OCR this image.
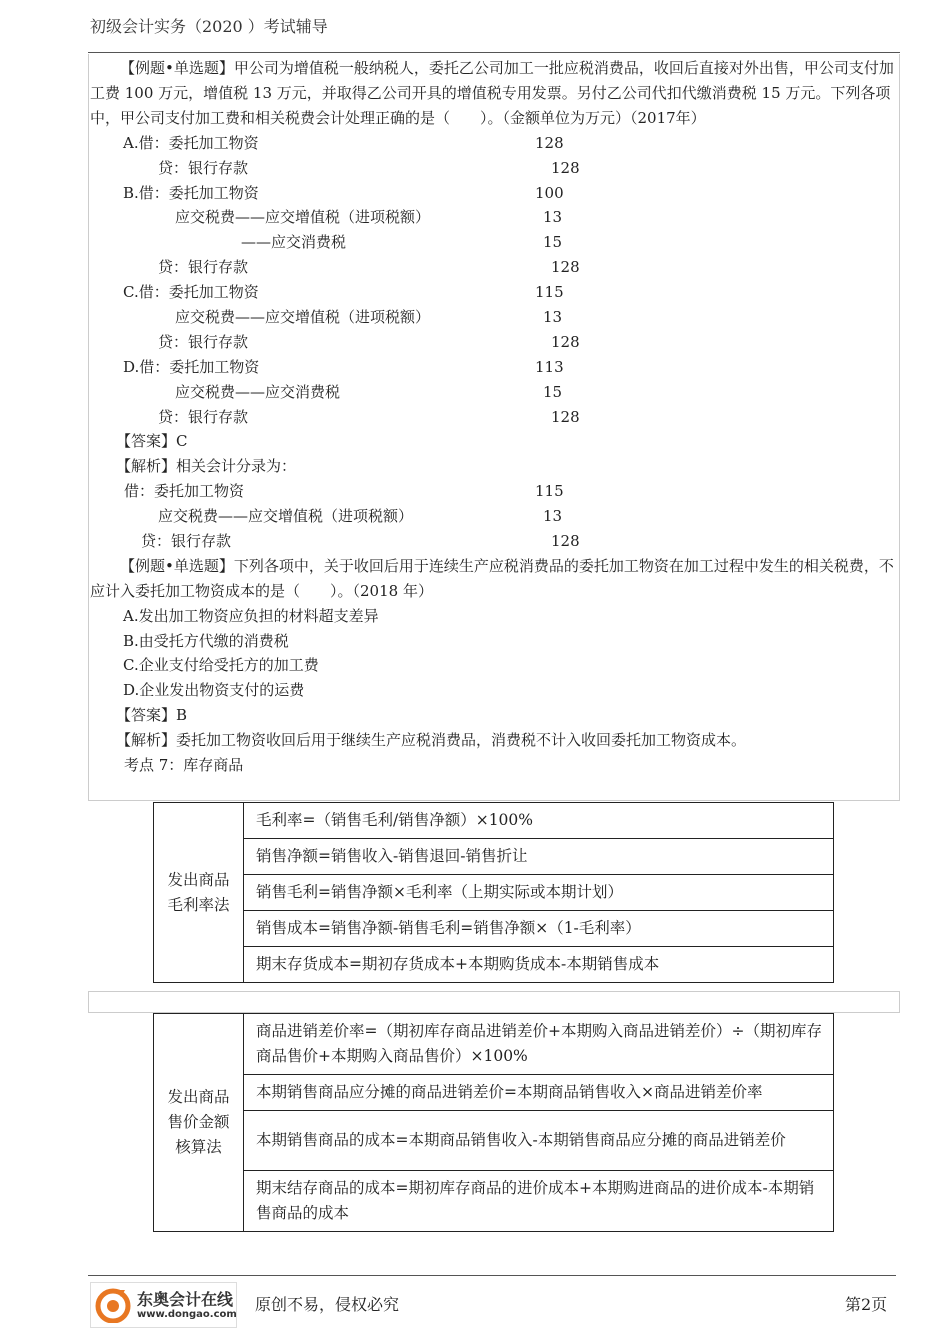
初级会计实务（2020 ）考试辅导
【例题•单选题】甲公司为增值税一般纳税人，委托乙公司加工一批应税消费品，收回后直接对外出售，甲公司支付加工费 100 万元，增值税 13 万元，并取得乙公司开具的增值税专用发票。另付乙公司代扣代缴消费税 15 万元。下列各项中，甲公司支付加工费和相关税费会计处理正确的是（　　）。（金额单位为万元）（2017年）
A.借：委托加工物资	128
贷：银行存款	128
B.借：委托加工物资	100
应交税费——应交增值税（进项税额）	13
——应交消费税	15
贷：银行存款	128
C.借：委托加工物资	115
应交税费——应交增值税（进项税额）	13
贷：银行存款	128
D.借：委托加工物资	113
应交税费——应交消费税	15
贷：银行存款	128
【答案】C
【解析】相关会计分录为：
借：委托加工物资	115
应交税费——应交增值税（进项税额）	13
贷：银行存款	128
【例题•单选题】下列各项中，关于收回后用于连续生产应税消费品的委托加工物资在加工过程中发生的相关税费，不应计入委托加工物资成本的是（　　）。（2018 年）
A.发出加工物资应负担的材料超支差异
B.由受托方代缴的消费税
C.企业支付给受托方的加工费
D.企业发出物资支付的运费
【答案】B
【解析】委托加工物资收回后用于继续生产应税消费品，消费税不计入收回委托加工物资成本。
考点 7：库存商品
发出商品毛利率法
	毛利率=（销售毛利/销售净额）×100%
销售净额=销售收入-销售退回-销售折让
销售毛利=销售净额×毛利率（上期实际或本期计划）
销售成本=销售净额-销售毛利=销售净额×（1-毛利率）
期末存货成本=期初存货成本+本期购货成本-本期销售成本
发出商品售价金额核算法
	商品进销差价率=（期初库存商品进销差价+本期购入商品进销差价）÷（期初库存商品售价+本期购入商品售价）×100%
本期销售商品应分摊的商品进销差价=本期商品销售收入×商品进销差价率
本期销售商品的成本=本期商品销售收入-本期销售商品应分摊的商品进销差价
期末结存商品的成本=期初库存商品的进价成本+本期购进商品的进价成本-本期销售商品的成本
东奥会计在线
www.dongao.com
原创不易，侵权必究	第2页
